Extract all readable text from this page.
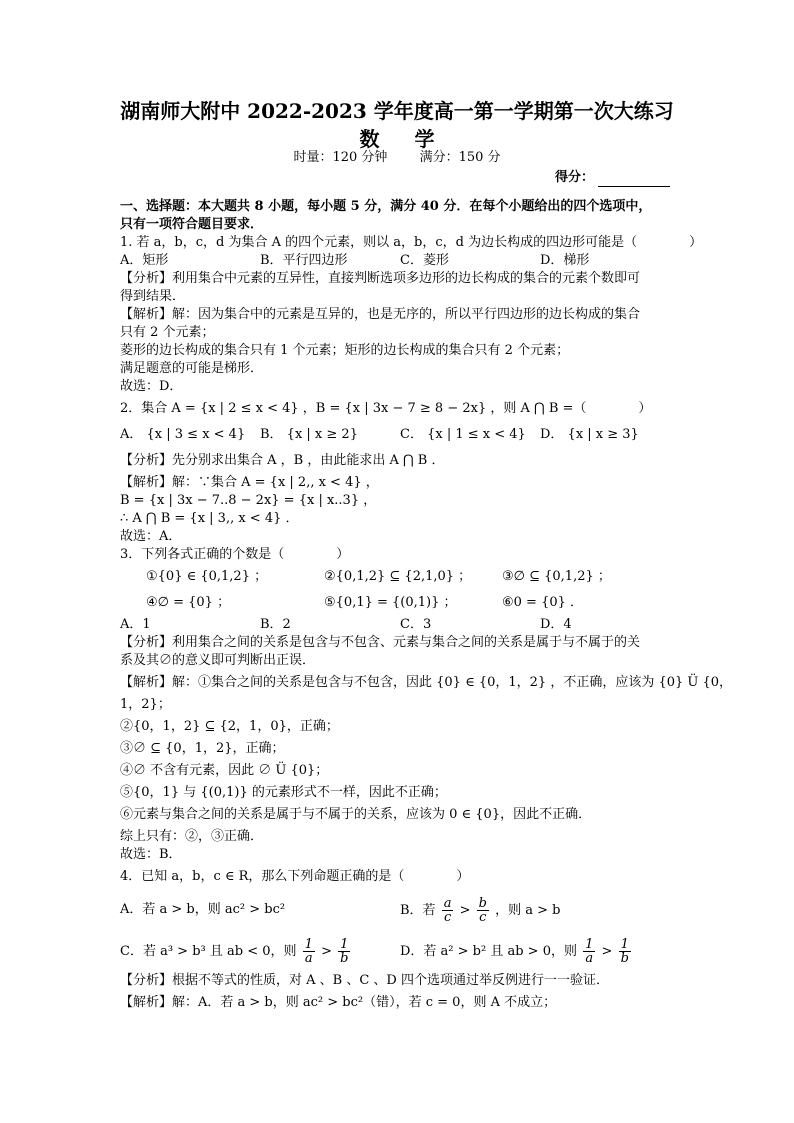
湖南师大附中 2022-2023 学年度高一第一学期第一次大练习
数 学
时量：120 分钟 满分：150 分
得分：
一、选择题：本大题共 8 小题，每小题 5 分，满分 40 分．在每个小题给出的四个选项中，
只有一项符合题目要求．
1. 若 a，b，c，d 为集合 A 的四个元素，则以 a，b，c，d 为边长构成的四边形可能是（　　　　）
A．矩形	B．平行四边形	C．菱形	D．梯形
【分析】利用集合中元素的互异性，直接判断选项多边形的边长构成的集合的元素个数即可
得到结果．
【解析】解：因为集合中的元素是互异的，也是无序的，所以平行四边形的边长构成的集合
只有 2 个元素；
菱形的边长构成的集合只有 1 个元素；矩形的边长构成的集合只有 2 个元素；
满足题意的可能是梯形．
故选：D．
2．集合 A = {x | 2 ≤ x < 4} ，B = {x | 3x − 7 ≥ 8 − 2x} ，则 A ⋂ B =（　　　　）
A． {x | 3 ≤ x < 4}	B． {x | x ≥ 2}	C． {x | 1 ≤ x < 4}	D． {x | x ≥ 3}
【分析】先分别求出集合 A ，B ，由此能求出 A ⋂ B ．
【解析】解：∵集合 A = {x | 2,, x < 4} ，
B = {x | 3x − 7..8 − 2x} = {x | x..3} ，
∴ A ⋂ B = {x | 3,, x < 4} ．
故选：A．
3．下列各式正确的个数是（　　　　）
①{0} ∈ {0,1,2} ；	②{0,1,2} ⊆ {2,1,0} ；	③∅ ⊆ {0,1,2} ；
④∅ = {0} ；	⑤{0,1} = {(0,1)} ；	⑥0 = {0} ．
A．1	B．2	C．3	D．4
【分析】利用集合之间的关系是包含与不包含、元素与集合之间的关系是属于与不属于的关
系及其∅的意义即可判断出正误．
【解析】解：①集合之间的关系是包含与不包含，因此 {0} ∈ {0，1，2} ，不正确，应该为 {0} Ü {0，
1，2}；
②{0，1，2} ⊆ {2，1，0}，正确；
③∅ ⊆ {0，1，2}，正确；
④∅ 不含有元素，因此 ∅ Ü {0}；
⑤{0，1} 与 {(0,1)} 的元素形式不一样，因此不正确；
⑥元素与集合之间的关系是属于与不属于的关系，应该为 0 ∈ {0}，因此不正确．
综上只有：②，③正确．
故选：B．
4．已知 a，b，c ∈ R，那么下列命题正确的是（　　　　）
A．若 a > b，则 ac² > bc²	B．若 $\frac{a}{c} > \frac{b}{c}$ ，则 a > b
C．若 a³ > b³ 且 ab < 0，则 $\frac{1}{a} > \frac{1}{b}$	D．若 a² > b² 且 ab > 0，则 $\frac{1}{a} > \frac{1}{b}$
【分析】根据不等式的性质，对 A 、B 、C 、D 四个选项通过举反例进行一一验证．
【解析】解：A．若 a > b，则 ac² > bc²（错），若 c = 0，则 A 不成立；
